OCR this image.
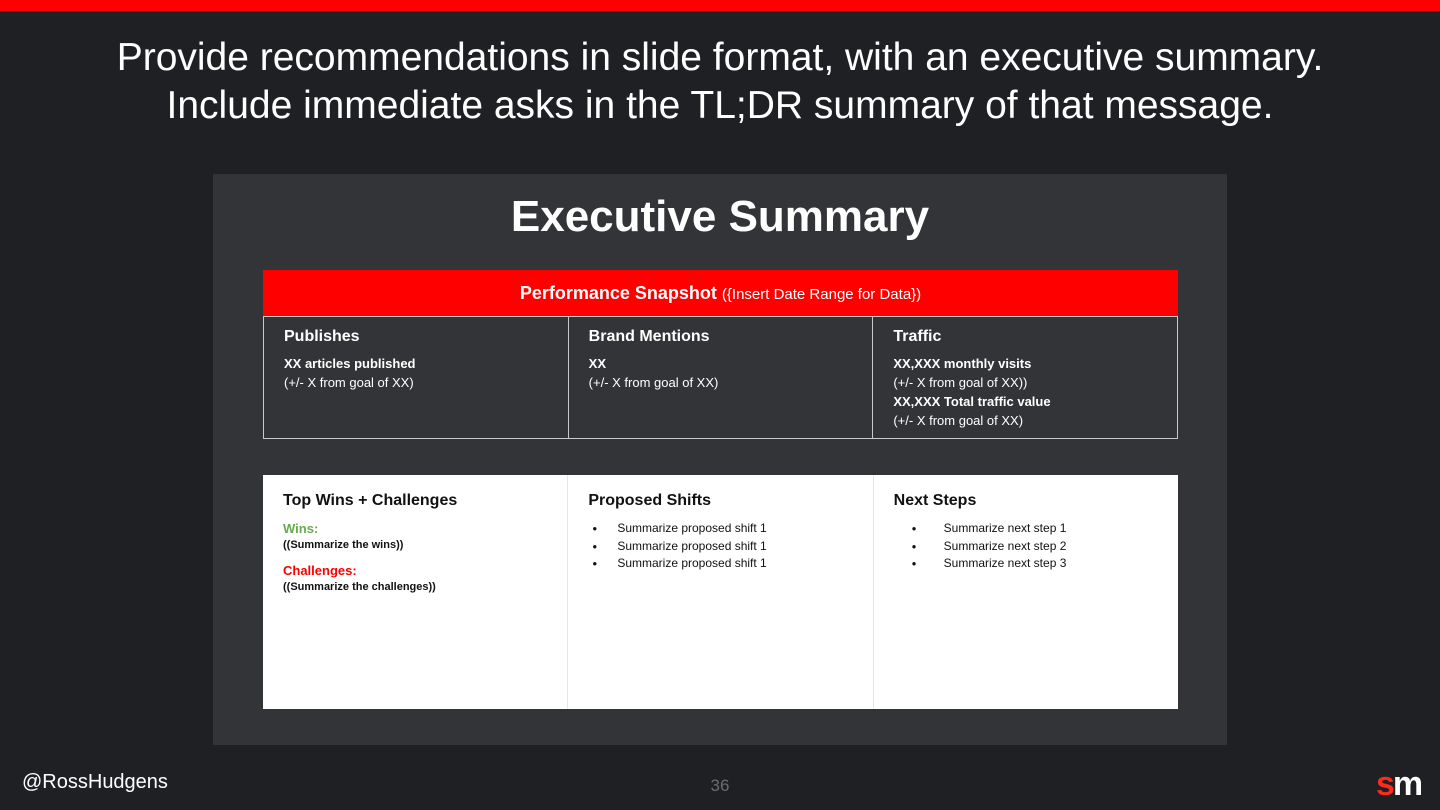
Provide recommendations in slide format, with an executive summary.
Include immediate asks in the TL;DR summary of that message.
Executive Summary
Performance Snapshot ({Insert Date Range for Data})
Publishes
XX articles published
(+/- X from goal of XX)
Brand Mentions
XX
(+/- X from goal of XX)
Traffic
XX,XXX monthly visits
(+/- X from goal of XX))
XX,XXX Total traffic value
(+/- X from goal of XX)
Top Wins + Challenges
Wins:
((Summarize the wins))
Challenges:
((Summarize the challenges))
Proposed Shifts
● Summarize proposed shift 1
● Summarize proposed shift 1
● Summarize proposed shift 1
Next Steps
● Summarize next step 1
● Summarize next step 2
● Summarize next step 3
@RossHudgens	36	sm
